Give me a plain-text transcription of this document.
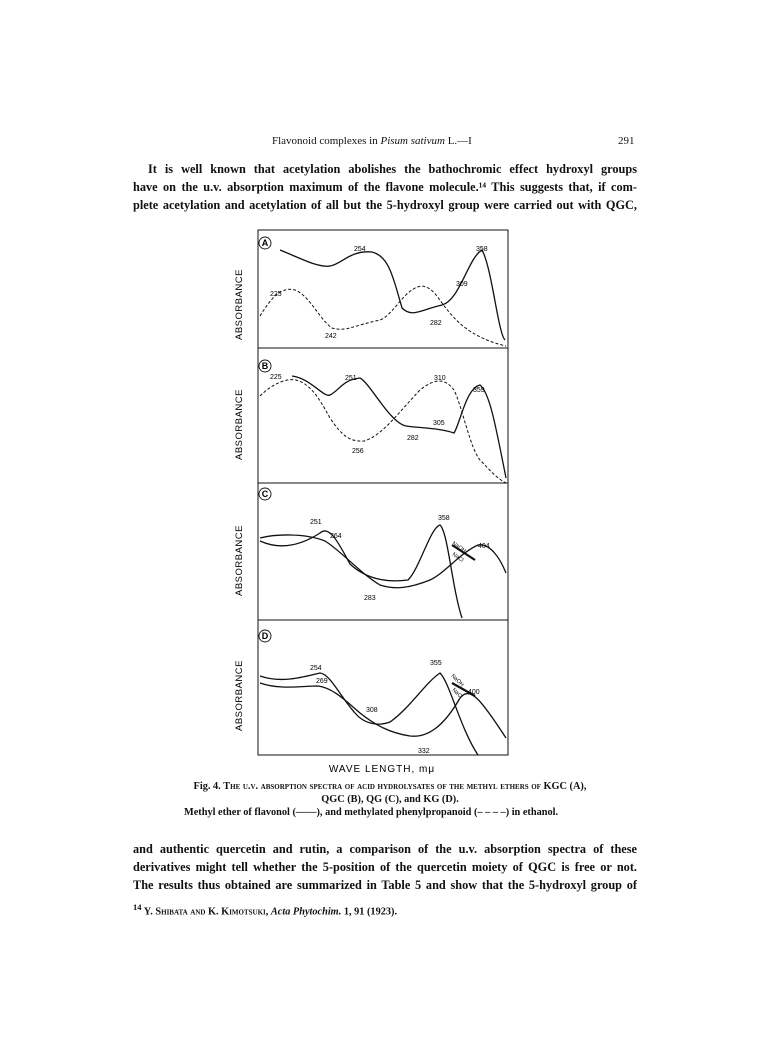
Flavonoid complexes in Pisum sativum L.—I	291
It is well known that acetylation abolishes the bathochromic effect hydroxyl groups
have on the u.v. absorption maximum of the flavone molecule.¹⁴ This suggests that, if com-
plete acetylation and acetylation of all but the 5-hydroxyl group were carried out with QGC,
ABSORBANCE
ABSORBANCE
ABSORBANCE
ABSORBANCE
A
254	358
282
225
242
309
B
225	251	310
359
305
282
256
C
251
264
283
358
404
NaOH
NaCl
D
254
269
308
355
400
332
NaOH
NaCl
WAVE LENGTH, mμ
Fig. 4. The u.v. absorption spectra of acid hydrolysates of the methyl ethers of KGC (A),
QGC (B), QG (C), and KG (D).
Methyl ether of flavonol (——), and methylated phenylpropanoid (– – – –) in ethanol.
and authentic quercetin and rutin, a comparison of the u.v. absorption spectra of these
derivatives might tell whether the 5-position of the quercetin moiety of QGC is free or not.
The results thus obtained are summarized in Table 5 and show that the 5-hydroxyl group of
$^{14}$ Y. Shibata and K. Kimotsuki, Acta Phytochim. 1, 91 (1923).
